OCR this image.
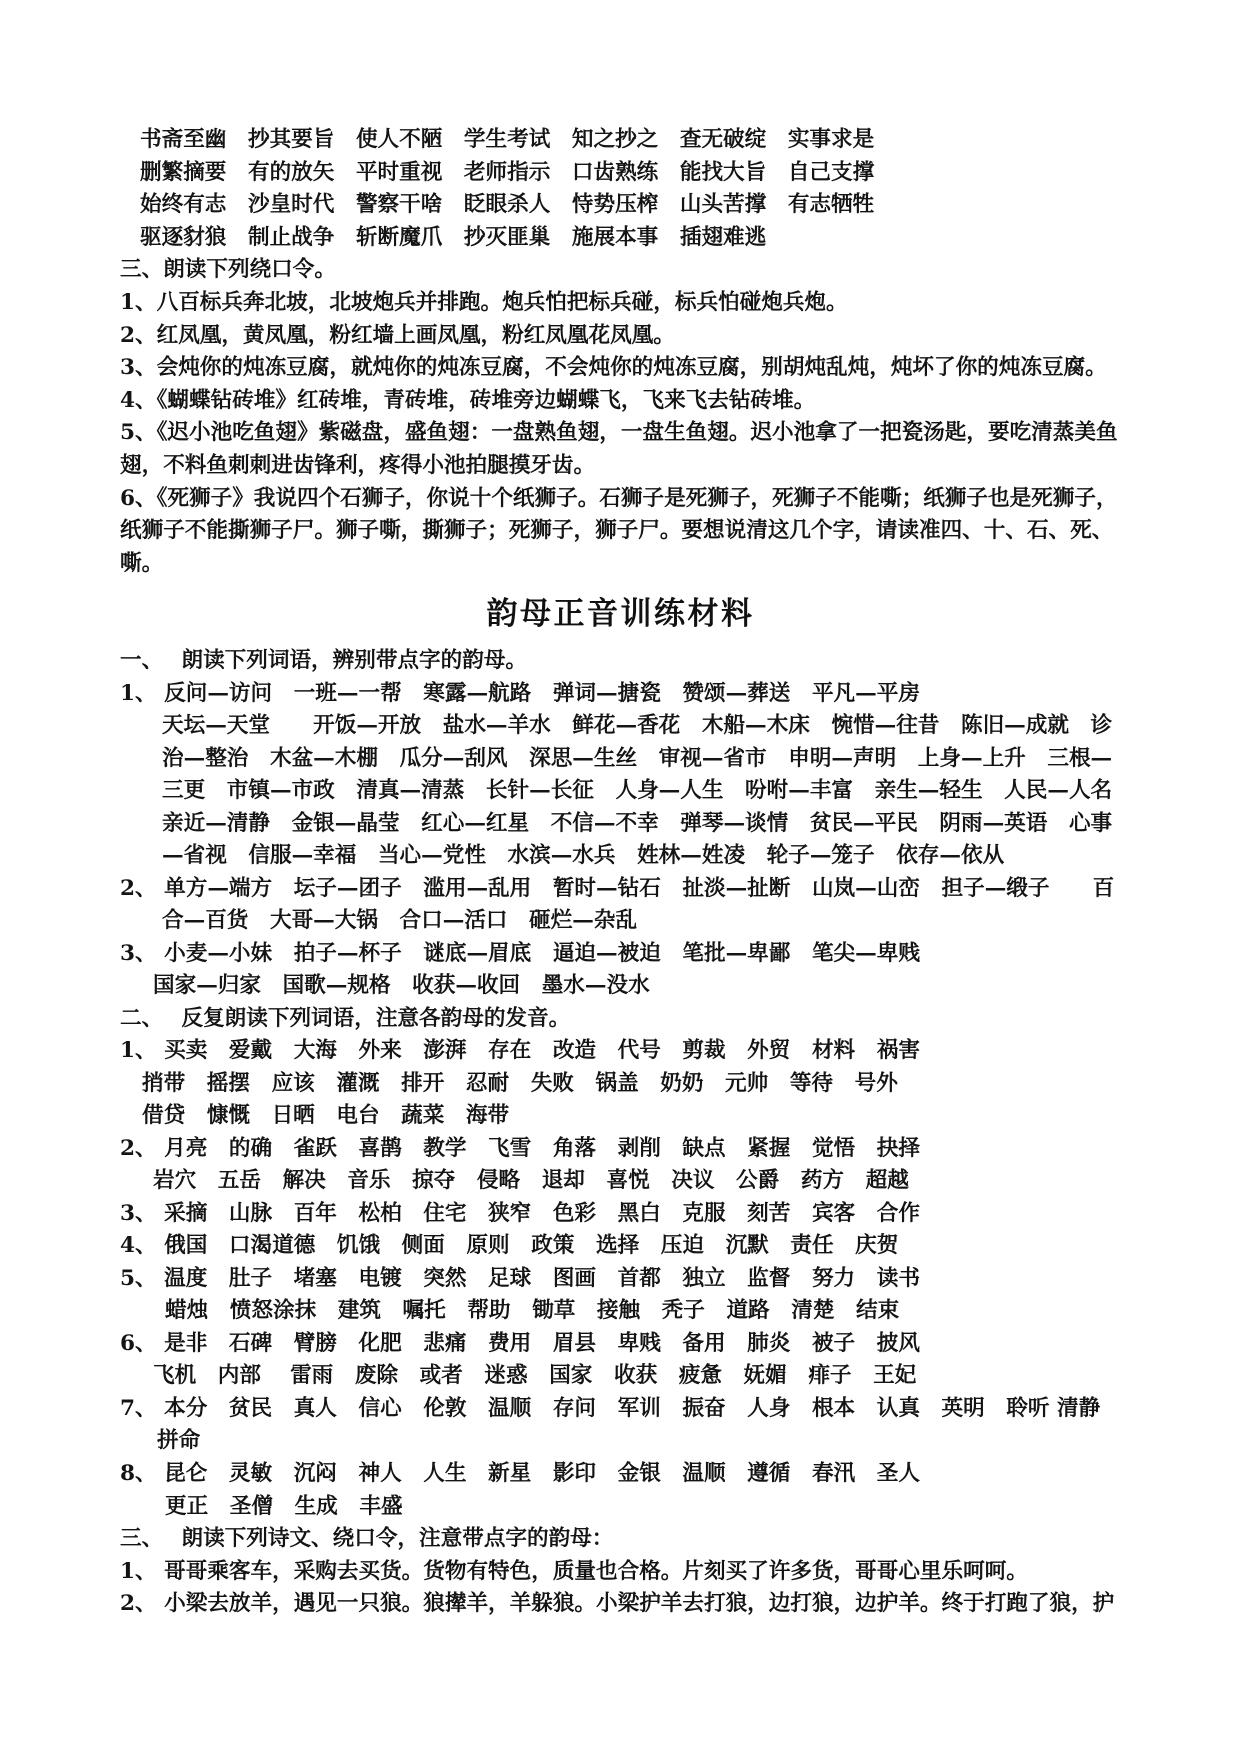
书斋至幽　抄其要旨　使人不陋　学生考试　知之抄之　查无破绽　实事求是
删繁摘要　有的放矢　平时重视　老师指示　口齿熟练　能找大旨　自己支撑
始终有志　沙皇时代　警察干啥　眨眼杀人　恃势压榨　山头苦撑　有志牺牲
驱逐豺狼　制止战争　斩断魔爪　抄灭匪巢　施展本事　插翅难逃
三、朗读下列绕口令。
1、八百标兵奔北坡，北坡炮兵并排跑。炮兵怕把标兵碰，标兵怕碰炮兵炮。
2、红凤凰，黄凤凰，粉红墙上画凤凰，粉红凤凰花凤凰。
3、会炖你的炖冻豆腐，就炖你的炖冻豆腐，不会炖你的炖冻豆腐，别胡炖乱炖，炖坏了你的炖冻豆腐。
4、《蝴蝶钻砖堆》红砖堆，青砖堆，砖堆旁边蝴蝶飞，飞来飞去钻砖堆。
5、《迟小池吃鱼翅》紫磁盘，盛鱼翅：一盘熟鱼翅，一盘生鱼翅。迟小池拿了一把瓷汤匙，要吃清蒸美鱼
翅，不料鱼刺刺进齿锋利，疼得小池拍腿摸牙齿。
6、《死狮子》我说四个石狮子，你说十个纸狮子。石狮子是死狮子，死狮子不能嘶；纸狮子也是死狮子，
纸狮子不能撕狮子尸。狮子嘶，撕狮子；死狮子，狮子尸。要想说清这几个字，请读准四、十、石、死、
嘶。
韵母正音训练材料
一、　 朗读下列词语，辨别带点字的韵母。
1、 反问—访问　一班—一帮　寒露—航路　弹词—搪瓷　赞颂—葬送　平凡—平房
天坛—天堂　　开饭—开放　盐水—羊水　鲜花—香花　木船—木床　惋惜—往昔　陈旧—成就　诊
治—整治　木盆—木棚　瓜分—刮风　深思—生丝　审视—省市　申明—声明　上身—上升　三根—
三更　市镇—市政　清真—清蒸　长针—长征　人身—人生　吩咐—丰富　亲生—轻生　人民—人名
亲近—清静　金银—晶莹　红心—红星　不信—不幸　弹琴—谈情　贫民—平民　阴雨—英语　心事
—省视　信服—幸福　当心—党性　水滨—水兵　姓林—姓凌　轮子—笼子　依存—依从
2、 单方—端方　坛子—团子　滥用—乱用　暂时—钻石　扯淡—扯断　山岚—山峦　担子—缎子　　百
合—百货　大哥—大锅　合口—活口　砸烂—杂乱
3、 小麦—小妹　拍子—杯子　谜底—眉底　逼迫—被迫　笔批—卑鄙　笔尖—卑贱
国家—归家　国歌—规格　收获—收回　墨水—没水
二、　 反复朗读下列词语，注意各韵母的发音。
1、 买卖　爱戴　大海　外来　澎湃　存在　改造　代号　剪裁　外贸　材料　祸害
捎带　摇摆　应该　灌溉　排开　忍耐　失败　锅盖　奶奶　元帅　等待　号外
借贷　慷慨　日晒　电台　蔬菜　海带
2、 月亮　的确　雀跃　喜鹊　教学　飞雪　角落　剥削　缺点　紧握　觉悟　抉择
岩穴　五岳　解决　音乐　掠夺　侵略　退却　喜悦　决议　公爵　药方　超越
3、 采摘　山脉　百年　松柏　住宅　狭窄　色彩　黑白　克服　刻苦　宾客　合作
4、 俄国　口渴道德　饥饿　侧面　原则　政策　选择　压迫　沉默　责任　庆贺
5、 温度　肚子　堵塞　电镀　突然　足球　图画　首都　独立　监督　努力　读书
蜡烛　愤怒涂抹　建筑　嘱托　帮助　锄草　接触　秃子　道路　清楚　结束
6、 是非　石碑　臂膀　化肥　悲痛　费用　眉县　卑贱　备用　肺炎　被子　披风
飞机　内部　 雷雨　废除　或者　迷惑　国家　收获　疲惫　妩媚　痱子　王妃
7、 本分　贫民　真人　信心　伦敦　温顺　存问　军训　振奋　人身　根本　认真　英明　聆听 清静
拼命
8、 昆仑　灵敏　沉闷　神人　人生　新星　影印　金银　温顺　遵循　春汛　圣人
更正　圣僧　生成　丰盛
三、　 朗读下列诗文、绕口令，注意带点字的韵母：
1、 哥哥乘客车，采购去买货。货物有特色，质量也合格。片刻买了许多货，哥哥心里乐呵呵。
2、 小梁去放羊，遇见一只狼。狼撵羊，羊躲狼。小梁护羊去打狼，边打狼，边护羊。终于打跑了狼，护
